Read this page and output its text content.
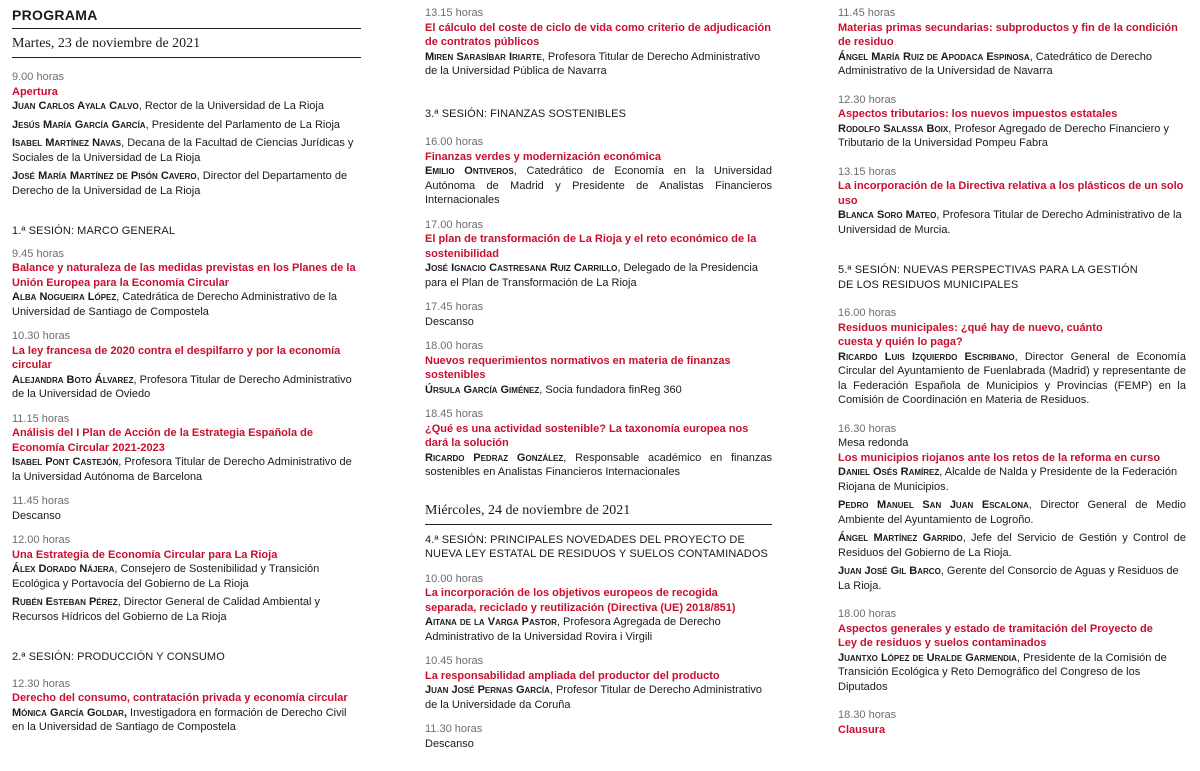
PROGRAMA
Martes, 23 de noviembre de 2021
9.00 horas
Apertura
Juan Carlos Ayala Calvo, Rector de la Universidad de La Rioja
Jesús María García García, Presidente del Parlamento de La Rioja
Isabel Martínez Navas, Decana de la Facultad de Ciencias Jurídicas y Sociales de la Universidad de La Rioja
José María Martínez de Pisón Cavero, Director del Departamento de Derecho de la Universidad de La Rioja
1.ª SESIÓN: MARCO GENERAL
9.45 horas
Balance y naturaleza de las medidas previstas en los Planes de la Unión Europea para la Economía Circular
Alba Nogueira López, Catedrática de Derecho Administrativo de la Universidad de Santiago de Compostela
10.30 horas
La ley francesa de 2020 contra el despilfarro y por la economía circular
Alejandra Boto Álvarez, Profesora Titular de Derecho Administrativo de la Universidad de Oviedo
11.15 horas
Análisis del I Plan de Acción de la Estrategia Española de Economía Circular 2021-2023
Isabel Pont Castejón, Profesora Titular de Derecho Administrativo de la Universidad Autónoma de Barcelona
11.45 horas
Descanso
12.00 horas
Una Estrategia de Economía Circular para La Rioja
Álex Dorado Nájera, Consejero de Sostenibilidad y Transición Ecológica y Portavocía del Gobierno de La Rioja
Rubén Esteban Pérez, Director General de Calidad Ambiental y Recursos Hídricos del Gobierno de La Rioja
2.ª SESIÓN: PRODUCCIÓN Y CONSUMO
12.30 horas
Derecho del consumo, contratación privada y economía circular
Mónica García Goldar, Investigadora en formación de Derecho Civil en la Universidad de Santiago de Compostela
13.15 horas
El cálculo del coste de ciclo de vida como criterio de adjudicación de contratos públicos
Miren Sarasíbar Iriarte, Profesora Titular de Derecho Administrativo de la Universidad Pública de Navarra
3.ª SESIÓN: FINANZAS SOSTENIBLES
16.00 horas
Finanzas verdes y modernización económica
Emilio Ontiveros, Catedrático de Economía en la Universidad Autónoma de Madrid y Presidente de Analistas Financieros Internacionales
17.00 horas
El plan de transformación de La Rioja y el reto económico de la sostenibilidad
José Ignacio Castresana Ruiz Carrillo, Delegado de la Presidencia para el Plan de Transformación de La Rioja
17.45 horas
Descanso
18.00 horas
Nuevos requerimientos normativos en materia de finanzas sostenibles
Úrsula García Giménez, Socia fundadora finReg 360
18.45 horas
¿Qué es una actividad sostenible? La taxonomía europea nos dará la solución
Ricardo Pedraz González, Responsable académico en finanzas sostenibles en Analistas Financieros Internacionales
Miércoles, 24 de noviembre de 2021
4.ª SESIÓN: PRINCIPALES NOVEDADES DEL PROYECTO DE NUEVA LEY ESTATAL DE RESIDUOS Y SUELOS CONTAMINADOS
10.00 horas
La incorporación de los objetivos europeos de recogida separada, reciclado y reutilización (Directiva (UE) 2018/851)
Aitana de la Varga Pastor, Profesora Agregada de Derecho Administrativo de la Universidad Rovira i Virgili
10.45 horas
La responsabilidad ampliada del productor del producto
Juan José Pernas García, Profesor Titular de Derecho Administrativo de la Universidade da Coruña
11.30 horas
Descanso
11.45 horas
Materias primas secundarias: subproductos y fin de la condición de residuo
Ángel María Ruiz de Apodaca Espinosa, Catedrático de Derecho Administrativo de la Universidad de Navarra
12.30 horas
Aspectos tributarios: los nuevos impuestos estatales
Rodolfo Salassa Boix, Profesor Agregado de Derecho Financiero y Tributario de la Universidad Pompeu Fabra
13.15 horas
La incorporación de la Directiva relativa a los plásticos de un solo uso
Blanca Soro Mateo, Profesora Titular de Derecho Administrativo de la Universidad de Murcia.
5.ª SESIÓN: NUEVAS PERSPECTIVAS PARA LA GESTIÓN DE LOS RESIDUOS MUNICIPALES
16.00 horas
Residuos municipales: ¿qué hay de nuevo, cuánto cuesta y quién lo paga?
Ricardo Luis Izquierdo Escribano, Director General de Economía Circular del Ayuntamiento de Fuenlabrada (Madrid) y representante de la Federación Española de Municipios y Provincias (FEMP) en la Comisión de Coordinación en Materia de Residuos.
16.30 horas
Mesa redonda
Los municipios riojanos ante los retos de la reforma en curso
Daniel Osés Ramírez, Alcalde de Nalda y Presidente de la Federación Riojana de Municipios.
Pedro Manuel San Juan Escalona, Director General de Medio Ambiente del Ayuntamiento de Logroño.
Ángel Martínez Garrido, Jefe del Servicio de Gestión y Control de Residuos del Gobierno de La Rioja.
Juan José Gil Barco, Gerente del Consorcio de Aguas y Residuos de La Rioja.
18.00 horas
Aspectos generales y estado de tramitación del Proyecto de Ley de residuos y suelos contaminados
Juantxo López de Uralde Garmendia, Presidente de la Comisión de Transición Ecológica y Reto Demográfico del Congreso de los Diputados
18.30 horas
Clausura
